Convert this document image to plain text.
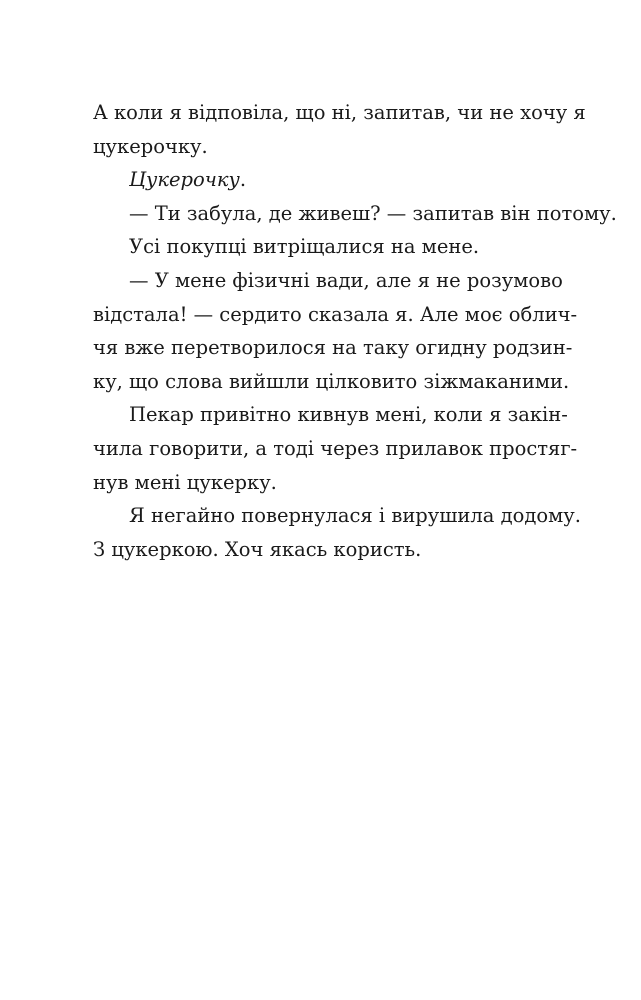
А коли я відповіла, що ні, запитав, чи не хочу я
цукерочку.
Цукерочку.
— Ти забула, де живеш? — запитав він потому.
Усі покупці витріщалися на мене.
— У мене фізичні вади, але я не розумово
відстала! — сердито сказала я. Але моє облич-
чя вже перетворилося на таку огидну родзин-
ку, що слова вийшли цілковито зіжмаканими.
Пекар привітно кивнув мені, коли я закін-
чила говорити, а тоді через прилавок простяг-
нув мені цукерку.
Я негайно повернулася і вирушила додому.
З цукеркою. Хоч якась користь.
